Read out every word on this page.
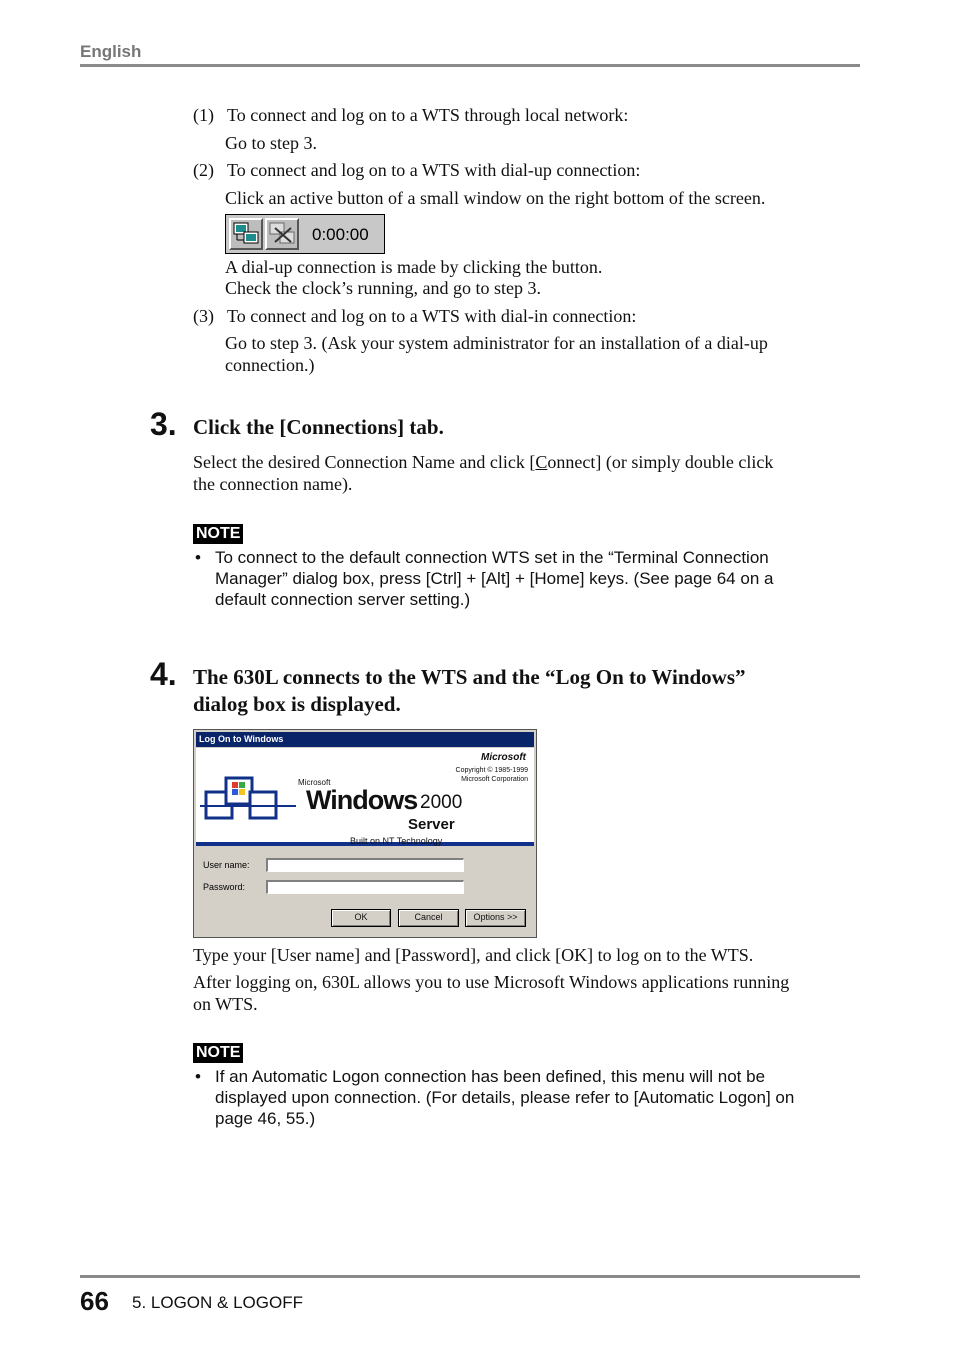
English
(1) To connect and log on to a WTS through local network:
Go to step 3.
(2) To connect and log on to a WTS with dial-up connection:
Click an active button of a small window on the right bottom of the screen.
0:00:00
A dial-up connection is made by clicking the button.
Check the clock’s running, and go to step 3.
(3) To connect and log on to a WTS with dial-in connection:
Go to step 3. (Ask your system administrator for an installation of a dial-up
connection.)
3. Click the [Connections] tab.
Select the desired Connection Name and click [Connect] (or simply double click
the connection name).
NOTE
• To connect to the default connection WTS set in the “Terminal Connection
Manager” dialog box, press [Ctrl] + [Alt] + [Home] keys. (See page 64 on a
default connection server setting.)
4. The 630L connects to the WTS and the “Log On to Windows”
dialog box is displayed.
Log On to Windows
Microsoft
Copyright © 1985-1999
Microsoft Corporation
Microsoft
Windows 2000
Server
Built on NT Technology
User name:
Password:
OK	Cancel	Options >>
Type your [User name] and [Password], and click [OK] to log on to the WTS.
After logging on, 630L allows you to use Microsoft Windows applications running
on WTS.
NOTE
• If an Automatic Logon connection has been defined, this menu will not be
displayed upon connection. (For details, please refer to [Automatic Logon] on
page 46, 55.)
66 5. LOGON & LOGOFF
